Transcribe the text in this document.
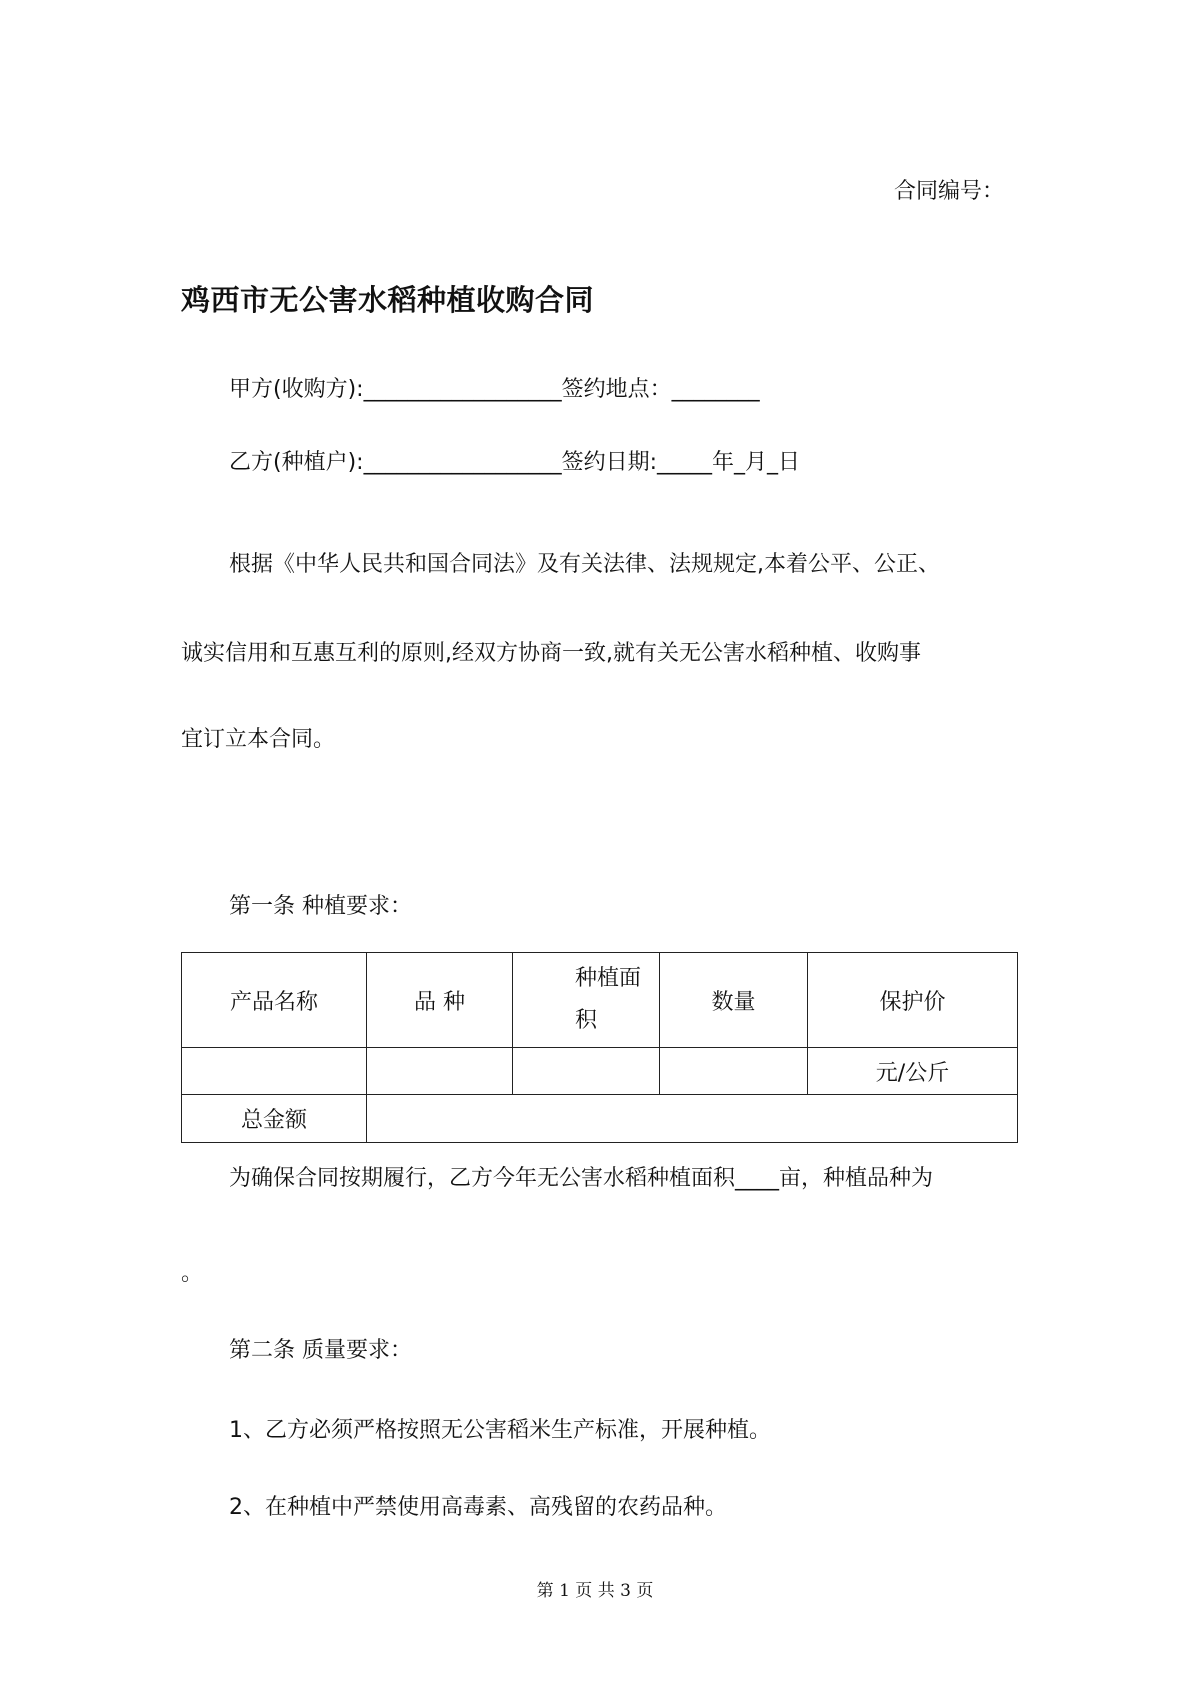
合同编号：
鸡西市无公害水稻种植收购合同
甲方(收购方):__________________签约地点：________
乙方(种植户):__________________签约日期:_____年_月_日
根据《中华人民共和国合同法》及有关法律、法规规定,本着公平、公正、
诚实信用和互惠互利的原则,经双方协商一致,就有关无公害水稻种植、收购事
宜订立本合同。
第一条 种植要求：
产品名称	品 种	种植面积	数量	保护价
				元/公斤
总金额				
为确保合同按期履行，乙方今年无公害水稻种植面积____亩，种植品种为
。
第二条 质量要求：
1、乙方必须严格按照无公害稻米生产标准，开展种植。
2、在种植中严禁使用高毒素、高残留的农药品种。
第 1 页 共 3 页
